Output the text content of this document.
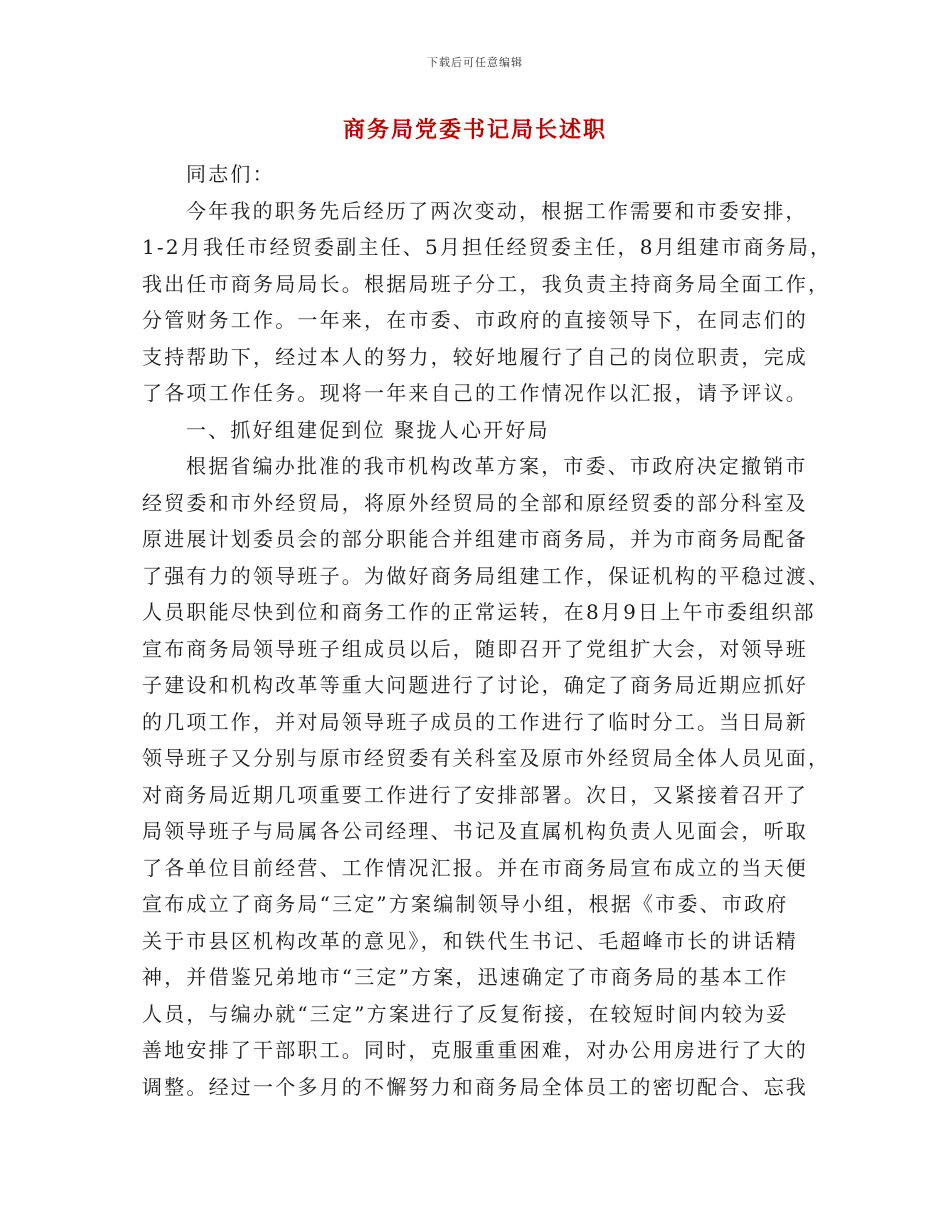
下载后可任意编辑
商务局党委书记局长述职
同志们：
今年我的职务先后经历了两次变动，根据工作需要和市委安排，
1-2月我任市经贸委副主任、5月担任经贸委主任，8月组建市商务局，
我出任市商务局局长。根据局班子分工，我负责主持商务局全面工作，
分管财务工作。一年来，在市委、市政府的直接领导下，在同志们的
支持帮助下，经过本人的努力，较好地履行了自己的岗位职责，完成
了各项工作任务。现将一年来自己的工作情况作以汇报，请予评议。
一、抓好组建促到位 聚拢人心开好局
根据省编办批准的我市机构改革方案，市委、市政府决定撤销市
经贸委和市外经贸局，将原外经贸局的全部和原经贸委的部分科室及
原进展计划委员会的部分职能合并组建市商务局，并为市商务局配备
了强有力的领导班子。为做好商务局组建工作，保证机构的平稳过渡、
人员职能尽快到位和商务工作的正常运转，在8月9日上午市委组织部
宣布商务局领导班子组成员以后，随即召开了党组扩大会，对领导班
子建设和机构改革等重大问题进行了讨论，确定了商务局近期应抓好
的几项工作，并对局领导班子成员的工作进行了临时分工。当日局新
领导班子又分别与原市经贸委有关科室及原市外经贸局全体人员见面，
对商务局近期几项重要工作进行了安排部署。次日，又紧接着召开了
局领导班子与局属各公司经理、书记及直属机构负责人见面会，听取
了各单位目前经营、工作情况汇报。并在市商务局宣布成立的当天便
宣布成立了商务局“三定”方案编制领导小组，根据《市委、市政府
关于市县区机构改革的意见》，和铁代生书记、毛超峰市长的讲话精
神，并借鉴兄弟地市“三定”方案，迅速确定了市商务局的基本工作
人员，与编办就“三定”方案进行了反复衔接，在较短时间内较为妥
善地安排了干部职工。同时，克服重重困难，对办公用房进行了大的
调整。经过一个多月的不懈努力和商务局全体员工的密切配合、忘我
